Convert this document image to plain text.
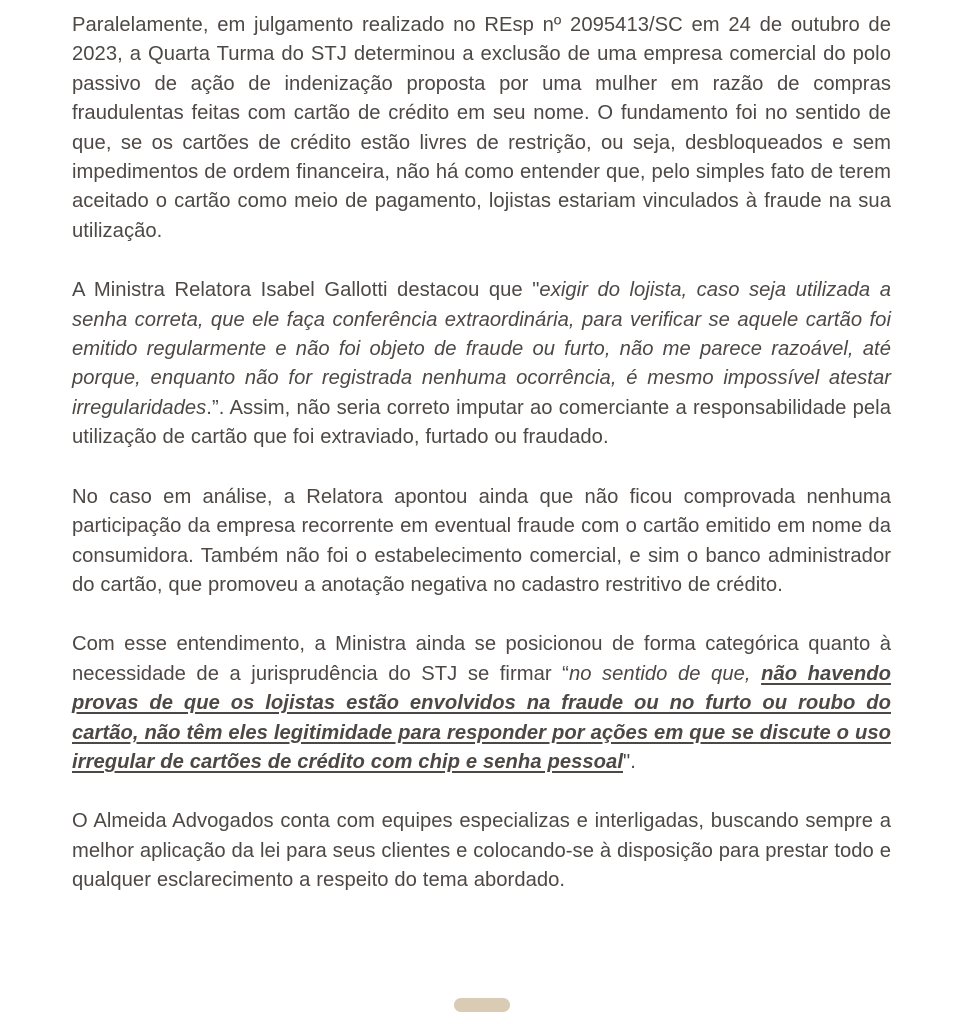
Paralelamente, em julgamento realizado no REsp nº 2095413/SC em 24 de outubro de 2023, a Quarta Turma do STJ determinou a exclusão de uma empresa comercial do polo passivo de ação de indenização proposta por uma mulher em razão de compras fraudulentas feitas com cartão de crédito em seu nome. O fundamento foi no sentido de que, se os cartões de crédito estão livres de restrição, ou seja, desbloqueados e sem impedimentos de ordem financeira, não há como entender que, pelo simples fato de terem aceitado o cartão como meio de pagamento, lojistas estariam vinculados à fraude na sua utilização.

A Ministra Relatora Isabel Gallotti destacou que "exigir do lojista, caso seja utilizada a senha correta, que ele faça conferência extraordinária, para verificar se aquele cartão foi emitido regularmente e não foi objeto de fraude ou furto, não me parece razoável, até porque, enquanto não for registrada nenhuma ocorrência, é mesmo impossível atestar irregularidades.”. Assim, não seria correto imputar ao comerciante a responsabilidade pela utilização de cartão que foi extraviado, furtado ou fraudado.

No caso em análise, a Relatora apontou ainda que não ficou comprovada nenhuma participação da empresa recorrente em eventual fraude com o cartão emitido em nome da consumidora. Também não foi o estabelecimento comercial, e sim o banco administrador do cartão, que promoveu a anotação negativa no cadastro restritivo de crédito.

Com esse entendimento, a Ministra ainda se posicionou de forma categórica quanto à necessidade de a jurisprudência do STJ se firmar “no sentido de que, não havendo provas de que os lojistas estão envolvidos na fraude ou no furto ou roubo do cartão, não têm eles legitimidade para responder por ações em que se discute o uso irregular de cartões de crédito com chip e senha pessoal".

O Almeida Advogados conta com equipes especializas e interligadas, buscando sempre a melhor aplicação da lei para seus clientes e colocando-se à disposição para prestar todo e qualquer esclarecimento a respeito do tema abordado.
